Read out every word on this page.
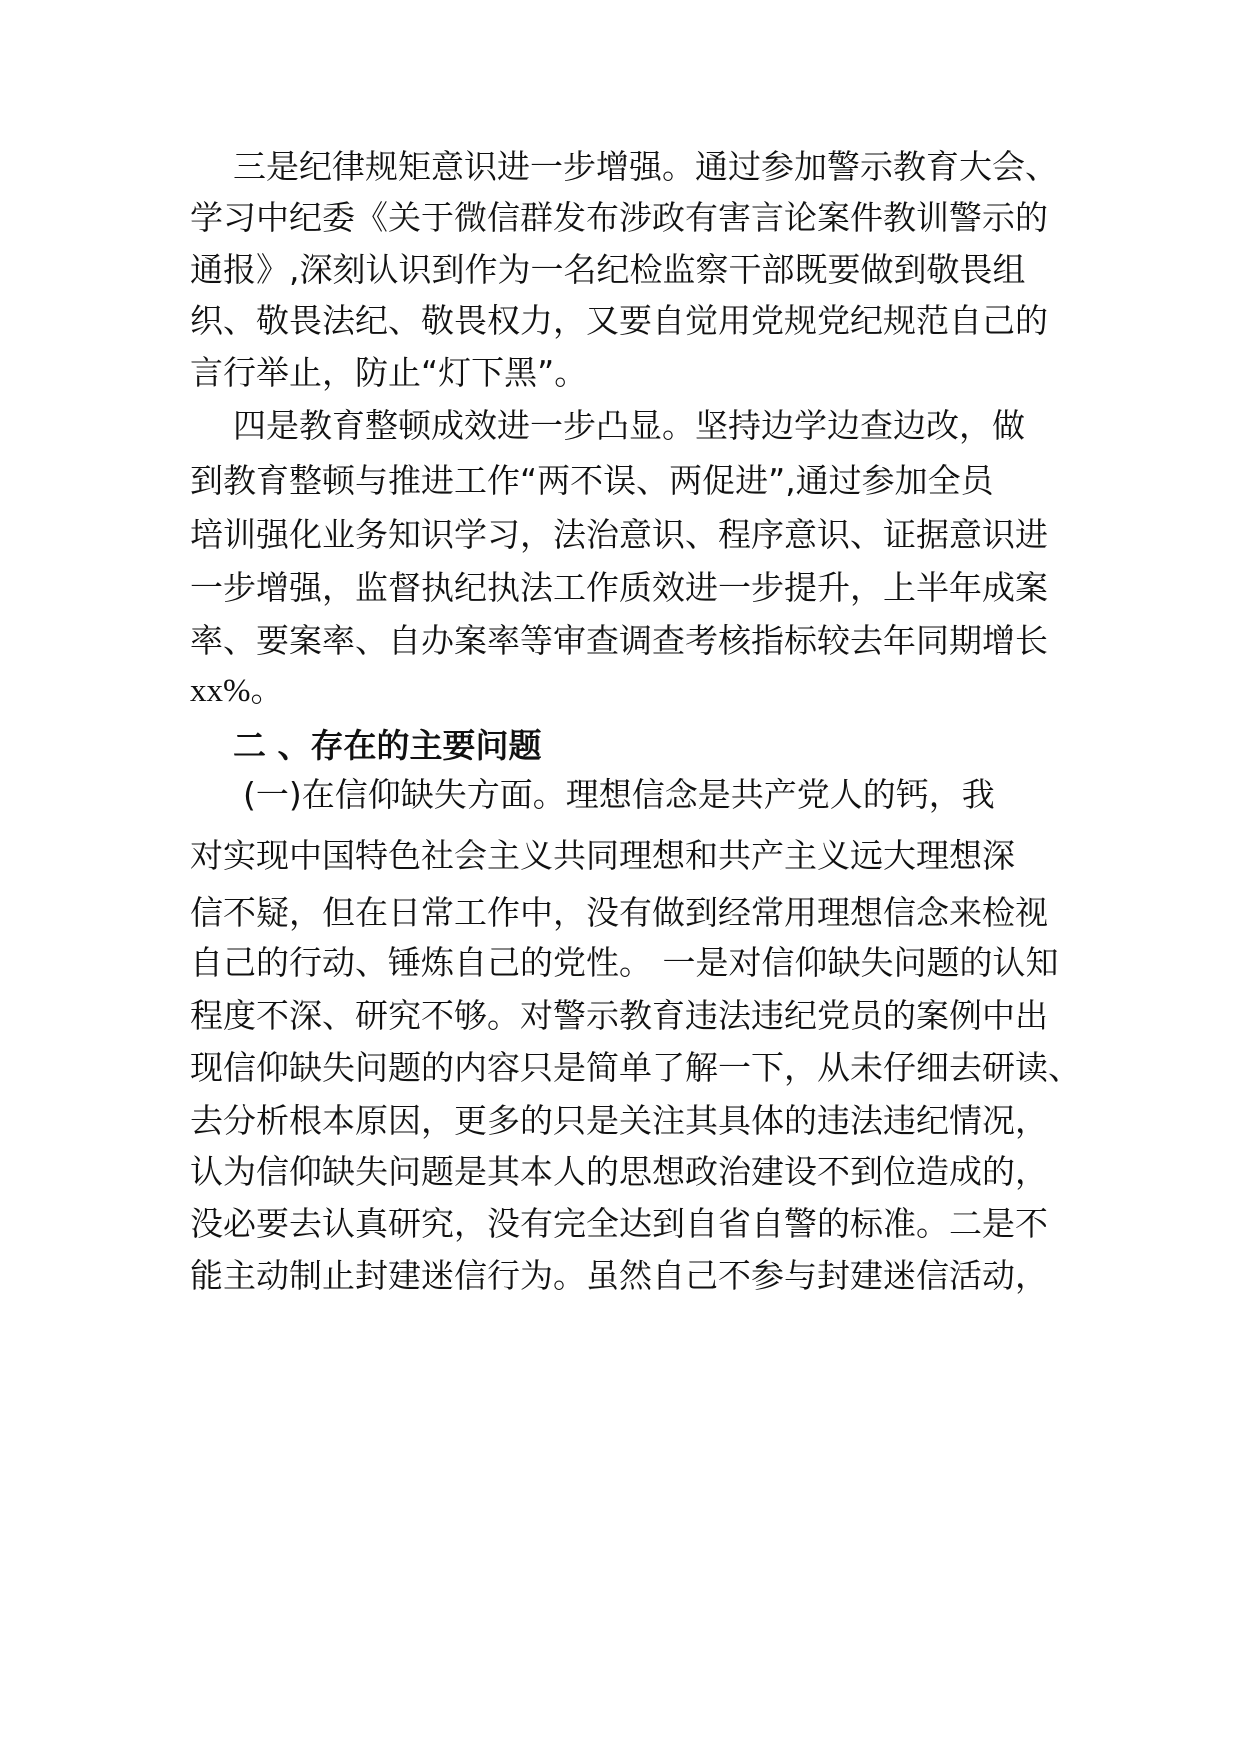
三是纪律规矩意识进一步增强。通过参加警示教育大会、
学习中纪委《关于微信群发布涉政有害言论案件教训警示的
通报》,深刻认识到作为一名纪检监察干部既要做到敬畏组
织、敬畏法纪、敬畏权力，又要自觉用党规党纪规范自己的
言行举止，防止“灯下黑”。
四是教育整顿成效进一步凸显。坚持边学边查边改，做
到教育整顿与推进工作“两不误、两促进”,通过参加全员
培训强化业务知识学习，法治意识、程序意识、证据意识进
一步增强，监督执纪执法工作质效进一步提升，上半年成案
率、要案率、自办案率等审查调查考核指标较去年同期增长
xx%。
二 、存在的主要问题
(一)在信仰缺失方面。理想信念是共产党人的钙，我
对实现中国特色社会主义共同理想和共产主义远大理想深
信不疑，但在日常工作中，没有做到经常用理想信念来检视
自己的行动、锤炼自己的党性。 一是对信仰缺失问题的认知
程度不深、研究不够。对警示教育违法违纪党员的案例中出
现信仰缺失问题的内容只是简单了解一下，从未仔细去研读、
去分析根本原因，更多的只是关注其具体的违法违纪情况，
认为信仰缺失问题是其本人的思想政治建设不到位造成的，
没必要去认真研究，没有完全达到自省自警的标准。二是不
能主动制止封建迷信行为。虽然自己不参与封建迷信活动，
